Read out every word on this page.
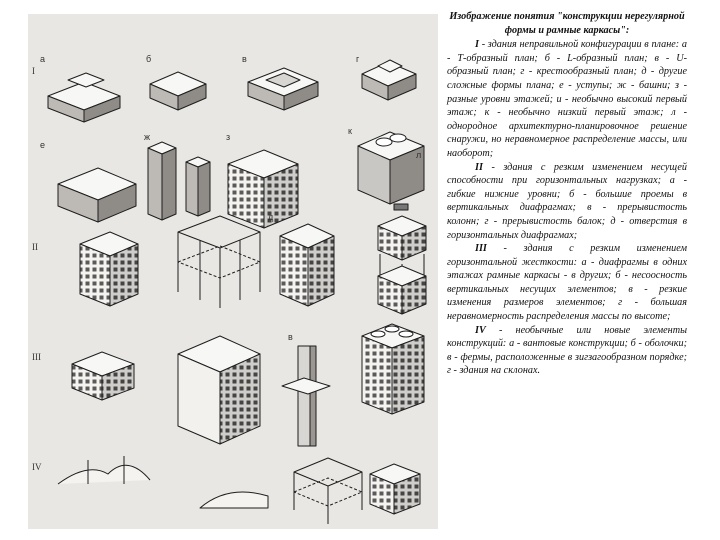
I
II
III
IV
а	б	в	г
е
ж	з
к
л
д
в

Изображение понятия "конструкции нерегулярной формы и рамные каркасы":

I - здания неправильной конфигурации в плане: а - Т-образный план; б - L-образный план; в - U-образный план; г - крестообразный план; д - другие сложные формы плана; е - уступы; ж - башни; з - разные уровни этажей; и - необычно высокий первый этаж; к - необычно низкий первый этаж; л - однородное архитектурно-планировочное решение снаружи, но неравномерное распределение массы, или наоборот;

II - здания с резким изменением несущей способности при горизонтальных нагрузках; а - гибкие нижние уровни; б - большие проемы в вертикальных диафрагмах; в - прерывистость колонн; г - прерывистость балок; д - отверстия в горизонтальных диафрагмах;

III - здания с резким изменением горизонтальной жесткости: а - диафрагмы в одних этажах рамные каркасы - в других; б - несоосность вертикальных несущих элементов; в - резкие изменения размеров элементов; г - большая неравномерность распределения массы по высоте;

IV - необычные или новые элементы конструкций: а - вантовые конструкции; б - оболочки; в - фермы, расположенные в зигзагообразном порядке; г - здания на склонах.
